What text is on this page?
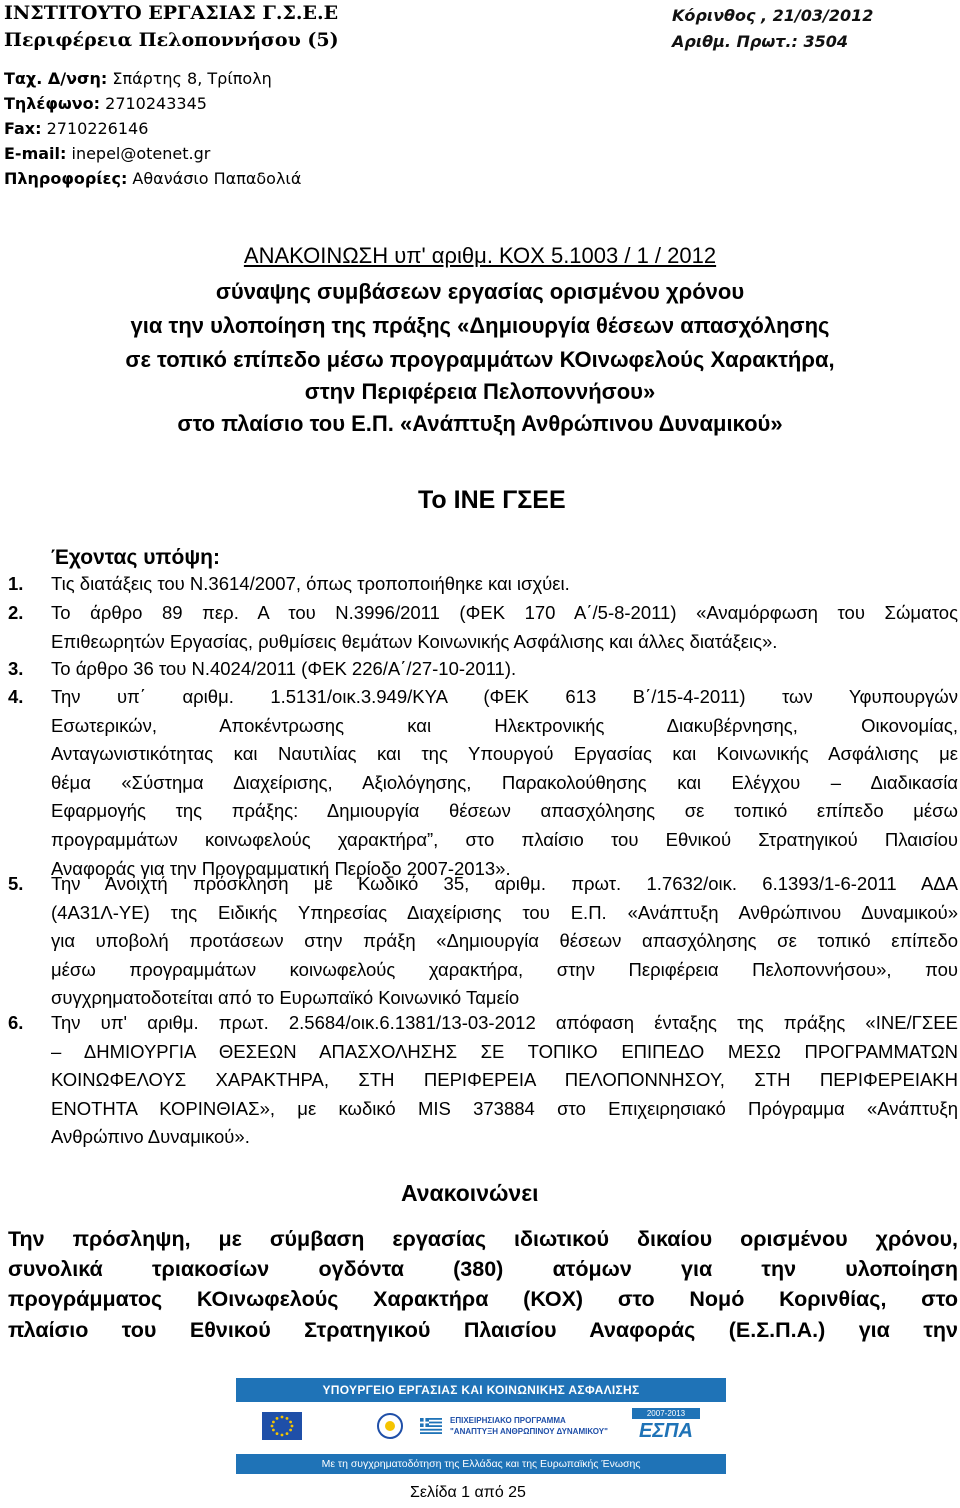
ΙΝΣΤΙΤΟΥΤΟ ΕΡΓΑΣΙΑΣ Γ.Σ.Ε.Ε
Περιφέρεια Πελοποννήσου (5)
Κόρινθος , 21/03/2012
Αριθμ. Πρωτ.: 3504
Ταχ. Δ/νση: Σπάρτης 8, Τρίπολη
Τηλέφωνο: 2710243345
Fax: 2710226146
E-mail: inepel@otenet.gr
Πληροφορίες: Αθανάσιο Παπαδολιά
ΑΝΑΚΟΙΝΩΣΗ υπ' αριθμ. ΚΟΧ 5.1003 / 1 / 2012
σύναψης συμβάσεων εργασίας ορισμένου χρόνου
για την υλοποίηση της πράξης «Δημιουργία θέσεων απασχόλησης
σε τοπικό επίπεδο μέσω προγραμμάτων ΚΟινωφελούς Χαρακτήρα,
στην Περιφέρεια Πελοποννήσου»
στο πλαίσιο του Ε.Π. «Ανάπτυξη Ανθρώπινου Δυναμικού»
Το ΙΝΕ ΓΣΕΕ
Έχοντας υπόψη:
1. Τις διατάξεις του Ν.3614/2007, όπως τροποποιήθηκε και ισχύει.
2. Το άρθρο 89 περ. Α του Ν.3996/2011 (ΦΕΚ 170 Α΄/5-8-2011) «Αναμόρφωση του Σώματος
Επιθεωρητών Εργασίας, ρυθμίσεις θεμάτων Κοινωνικής Ασφάλισης και άλλες διατάξεις».
3. Το άρθρο 36 του Ν.4024/2011 (ΦΕΚ 226/Α΄/27-10-2011).
4. Την υπ΄ αριθμ. 1.5131/οικ.3.949/ΚΥΑ (ΦΕΚ 613 Β΄/15-4-2011) των Υφυπουργών
Εσωτερικών, Αποκέντρωσης και Ηλεκτρονικής Διακυβέρνησης, Οικονομίας,
Ανταγωνιστικότητας και Ναυτιλίας και της Υπουργού Εργασίας και Κοινωνικής Ασφάλισης με
θέμα «Σύστημα Διαχείρισης, Αξιολόγησης, Παρακολούθησης και Ελέγχου – Διαδικασία
Εφαρμογής της πράξης: Δημιουργία θέσεων απασχόλησης σε τοπικό επίπεδο μέσω
προγραμμάτων κοινωφελούς χαρακτήρα”, στο πλαίσιο του Εθνικού Στρατηγικού Πλαισίου
Αναφοράς για την Προγραμματική Περίοδο 2007-2013».
5. Την Ανοιχτή πρόσκληση με Κωδικό 35, αριθμ. πρωτ. 1.7632/οικ. 6.1393/1-6-2011 ΑΔΑ
(4Α31Λ-ΥΕ) της Ειδικής Υπηρεσίας Διαχείρισης του Ε.Π. «Ανάπτυξη Ανθρώπινου Δυναμικού»
για υποβολή προτάσεων στην πράξη «Δημιουργία θέσεων απασχόλησης σε τοπικό επίπεδο
μέσω προγραμμάτων κοινωφελούς χαρακτήρα, στην Περιφέρεια Πελοποννήσου», που
συγχρηματοδοτείται από το Ευρωπαϊκό Κοινωνικό Ταμείο
6. Την υπ' αριθμ. πρωτ. 2.5684/οικ.6.1381/13-03-2012 απόφαση ένταξης της πράξης «ΙΝΕ/ΓΣΕΕ
– ΔΗΜΙΟΥΡΓΙΑ ΘΕΣΕΩΝ ΑΠΑΣΧΟΛΗΣΗΣ ΣΕ ΤΟΠΙΚΟ ΕΠΙΠΕΔΟ ΜΕΣΩ ΠΡΟΓΡΑΜΜΑΤΩΝ
ΚΟΙΝΩΦΕΛΟΥΣ ΧΑΡΑΚΤΗΡΑ, ΣΤΗ ΠΕΡΙΦΕΡΕΙΑ ΠΕΛΟΠΟΝΝΗΣΟΥ, ΣΤΗ ΠΕΡΙΦΕΡΕΙΑΚΗ
ΕΝΟΤΗΤΑ ΚΟΡΙΝΘΙΑΣ», με κωδικό MIS 373884 στο Επιχειρησιακό Πρόγραμμα «Ανάπτυξη
Ανθρώπινο Δυναμικού».
Ανακοινώνει
Την πρόσληψη, με σύμβαση εργασίας ιδιωτικού δικαίου ορισμένου χρόνου,
συνολικά τριακοσίων ογδόντα (380) ατόμων για την υλοποίηση
προγράμματος ΚΟινωφελούς Χαρακτήρα (ΚΟΧ) στο Νομό Κορινθίας, στο
πλαίσιο του Εθνικού Στρατηγικού Πλαισίου Αναφοράς (Ε.Σ.Π.Α.) για την
ΥΠΟΥΡΓΕΙΟ ΕΡΓΑΣΙΑΣ ΚΑΙ ΚΟΙΝΩΝΙΚΗΣ ΑΣΦΑΛΙΣΗΣ
ΕΠΙΧΕΙΡΗΣΙΑΚΟ ΠΡΟΓΡΑΜΜΑ
"ΑΝΑΠΤΥΞΗ ΑΝΘΡΩΠΙΝΟΥ ΔΥΝΑΜΙΚΟΥ"
2007-2013
ΕΣΠΑ
Με τη συγχρηματοδότηση της Ελλάδας και της Ευρωπαϊκής Ένωσης
Σελίδα 1 από 25
